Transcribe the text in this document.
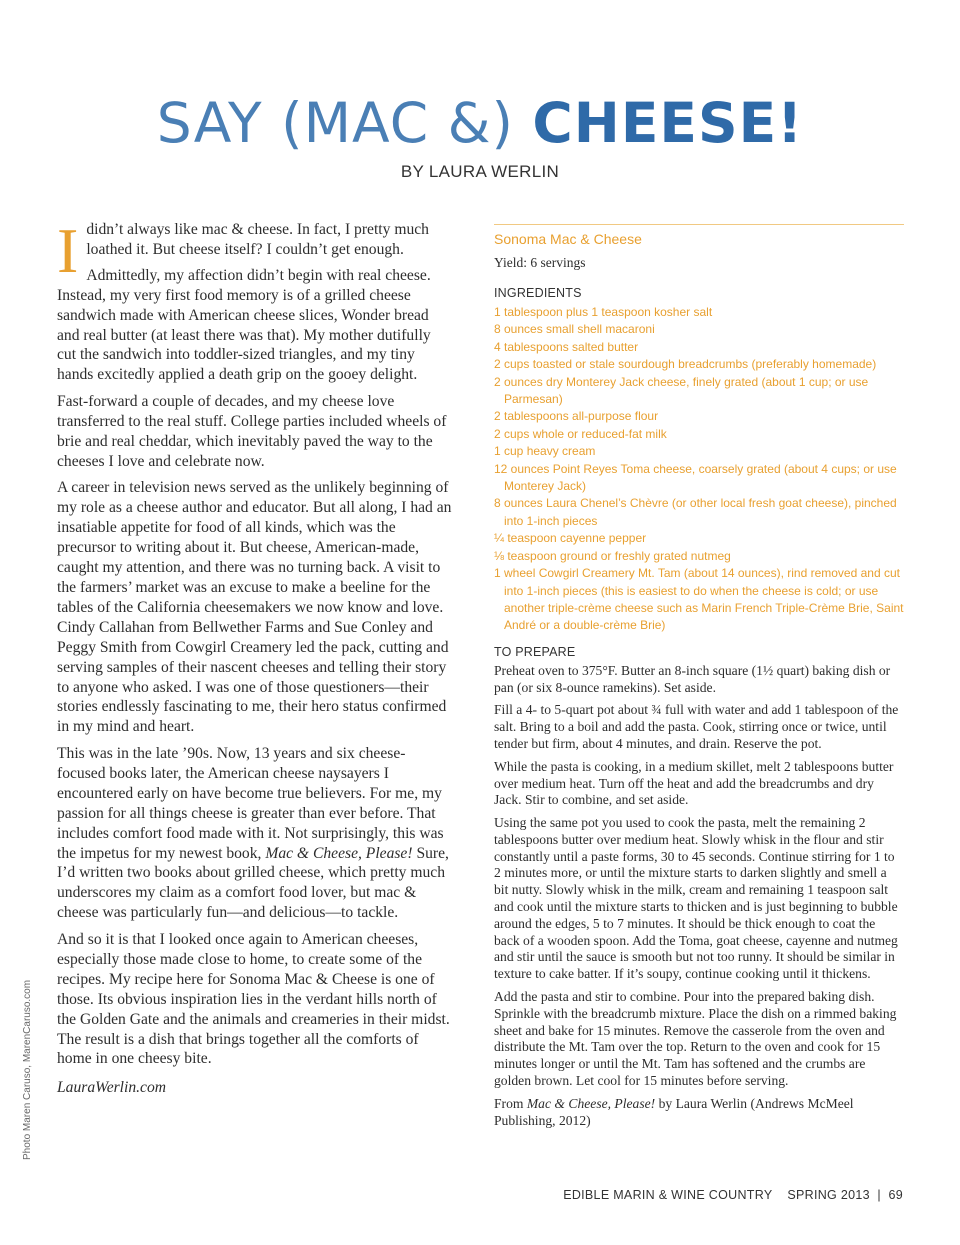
SAY (MAC &) CHEESE!
BY LAURA WERLIN

Ididn’t always like mac & cheese. In fact, I pretty much loathed it. But cheese itself? I couldn’t get enough.

Admittedly, my affection didn’t begin with real cheese. Instead, my very first food memory is of a grilled cheese sandwich made with American cheese slices, Wonder bread and real butter (at least there was that). My mother dutifully cut the sandwich into toddler-sized triangles, and my tiny hands excitedly applied a death grip on the gooey delight.

Fast-forward a couple of decades, and my cheese love transferred to the real stuff. College parties included wheels of brie and real cheddar, which inevitably paved the way to the cheeses I love and celebrate now.

A career in television news served as the unlikely beginning of my role as a cheese author and educator. But all along, I had an insatiable appetite for food of all kinds, which was the precursor to writing about it. But cheese, American-made, caught my attention, and there was no turning back. A visit to the farmers’ market was an excuse to make a beeline for the tables of the California cheesemakers we now know and love. Cindy Callahan from Bellwether Farms and Sue Conley and Peggy Smith from Cowgirl Creamery led the pack, cutting and serving samples of their nascent cheeses and telling their story to anyone who asked. I was one of those questioners—their stories endlessly fascinating to me, their hero status confirmed in my mind and heart.

This was in the late ’90s. Now, 13 years and six cheese-focused books later, the American cheese naysayers I encountered early on have become true believers. For me, my passion for all things cheese is greater than ever before. That includes comfort food made with it. Not surprisingly, this was the impetus for my newest book, Mac & Cheese, Please! Sure, I’d written two books about grilled cheese, which pretty much underscores my claim as a comfort food lover, but mac & cheese was particularly fun—and delicious—to tackle.

And so it is that I looked once again to American cheeses, especially those made close to home, to create some of the recipes. My recipe here for Sonoma Mac & Cheese is one of those. Its obvious inspiration lies in the verdant hills north of the Golden Gate and the animals and creameries in their midst. The result is a dish that brings together all the comforts of home in one cheesy bite.

LauraWerlin.com

Photo Maren Caruso, MarenCaruso.com
Sonoma Mac & Cheese
Yield: 6 servings
INGREDIENTS
1 tablespoon plus 1 teaspoon kosher salt
8 ounces small shell macaroni
4 tablespoons salted butter
2 cups toasted or stale sourdough breadcrumbs (preferably homemade)
2 ounces dry Monterey Jack cheese, finely grated (about 1 cup; or use Parmesan)
2 tablespoons all-purpose flour
2 cups whole or reduced-fat milk
1 cup heavy cream
12 ounces Point Reyes Toma cheese, coarsely grated (about 4 cups; or use Monterey Jack)
8 ounces Laura Chenel’s Chèvre (or other local fresh goat cheese), pinched into 1-inch pieces
¼ teaspoon cayenne pepper
⅛ teaspoon ground or freshly grated nutmeg
1 wheel Cowgirl Creamery Mt. Tam (about 14 ounces), rind removed and cut into 1-inch pieces (this is easiest to do when the cheese is cold; or use another triple-crème cheese such as Marin French Triple-Crème Brie, Saint André or a double-crème Brie)
TO PREPARE

Preheat oven to 375°F. Butter an 8-inch square (1½ quart) baking dish or pan (or six 8-ounce ramekins). Set aside.

Fill a 4- to 5-quart pot about ¾ full with water and add 1 tablespoon of the salt. Bring to a boil and add the pasta. Cook, stirring once or twice, until tender but firm, about 4 minutes, and drain. Reserve the pot.

While the pasta is cooking, in a medium skillet, melt 2 tablespoons butter over medium heat. Turn off the heat and add the breadcrumbs and dry Jack. Stir to combine, and set aside.

Using the same pot you used to cook the pasta, melt the remaining 2 tablespoons butter over medium heat. Slowly whisk in the flour and stir constantly until a paste forms, 30 to 45 seconds. Continue stirring for 1 to 2 minutes more, or until the mixture starts to darken slightly and smell a bit nutty. Slowly whisk in the milk, cream and remaining 1 teaspoon salt and cook until the mixture starts to thicken and is just beginning to bubble around the edges, 5 to 7 minutes. It should be thick enough to coat the back of a wooden spoon. Add the Toma, goat cheese, cayenne and nutmeg and stir until the sauce is smooth but not too runny. It should be similar in texture to cake batter. If it’s soupy, continue cooking until it thickens.

Add the pasta and stir to combine. Pour into the prepared baking dish. Sprinkle with the breadcrumb mixture. Place the dish on a rimmed baking sheet and bake for 15 minutes. Remove the casserole from the oven and distribute the Mt. Tam over the top. Return to the oven and cook for 15 minutes longer or until the Mt. Tam has softened and the crumbs are golden brown. Let cool for 15 minutes before serving.

From Mac & Cheese, Please! by Laura Werlin (Andrews McMeel Publishing, 2012)

EDIBLE MARIN & WINE COUNTRY    SPRING 2013  |  69
